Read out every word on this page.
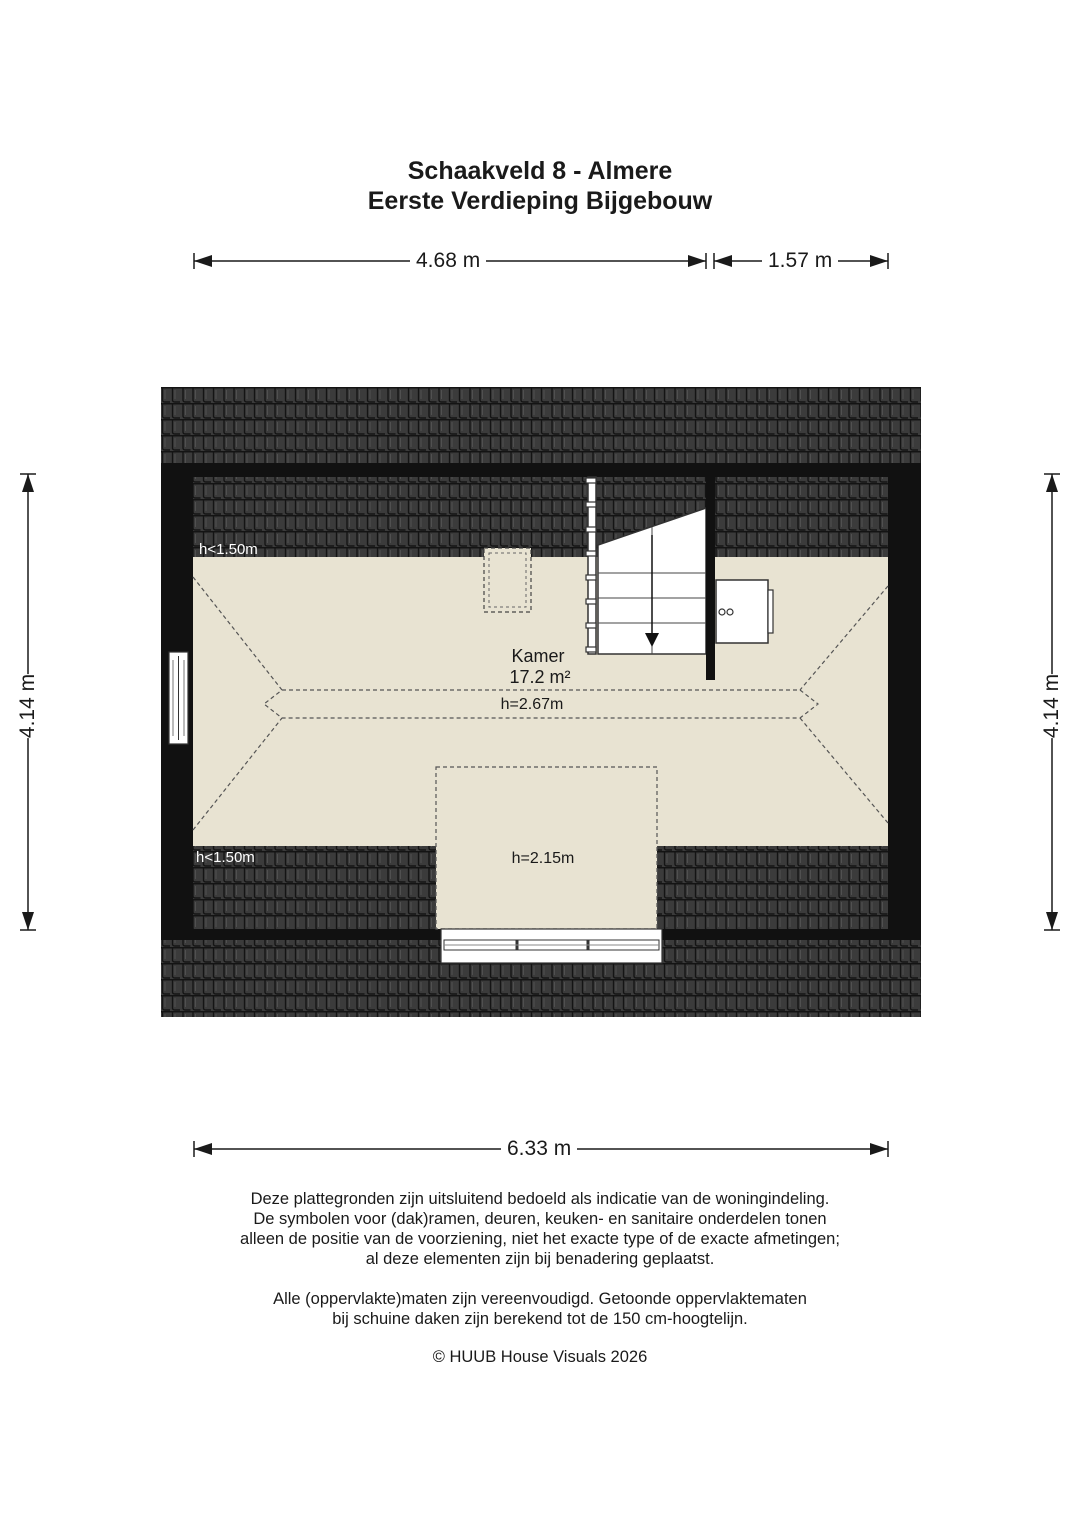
Schaakveld 8 - Almere
Eerste Verdieping Bijgebouw
Kamer
17.2 m²
h=2.67m
h=2.15m
h<1.50m
h<1.50m
4.68 m	1.57 m
6.33 m
4.14 m	4.14 m
Deze plattegronden zijn uitsluitend bedoeld als indicatie van de woningindeling.
De symbolen voor (dak)ramen, deuren, keuken- en sanitaire onderdelen tonen
alleen de positie van de voorziening, niet het exacte type of de exacte afmetingen;
al deze elementen zijn bij benadering geplaatst.
Alle (oppervlakte)maten zijn vereenvoudigd. Getoonde oppervlaktematen
bij schuine daken zijn berekend tot de 150 cm-hoogtelijn.
© HUUB House Visuals 2026
